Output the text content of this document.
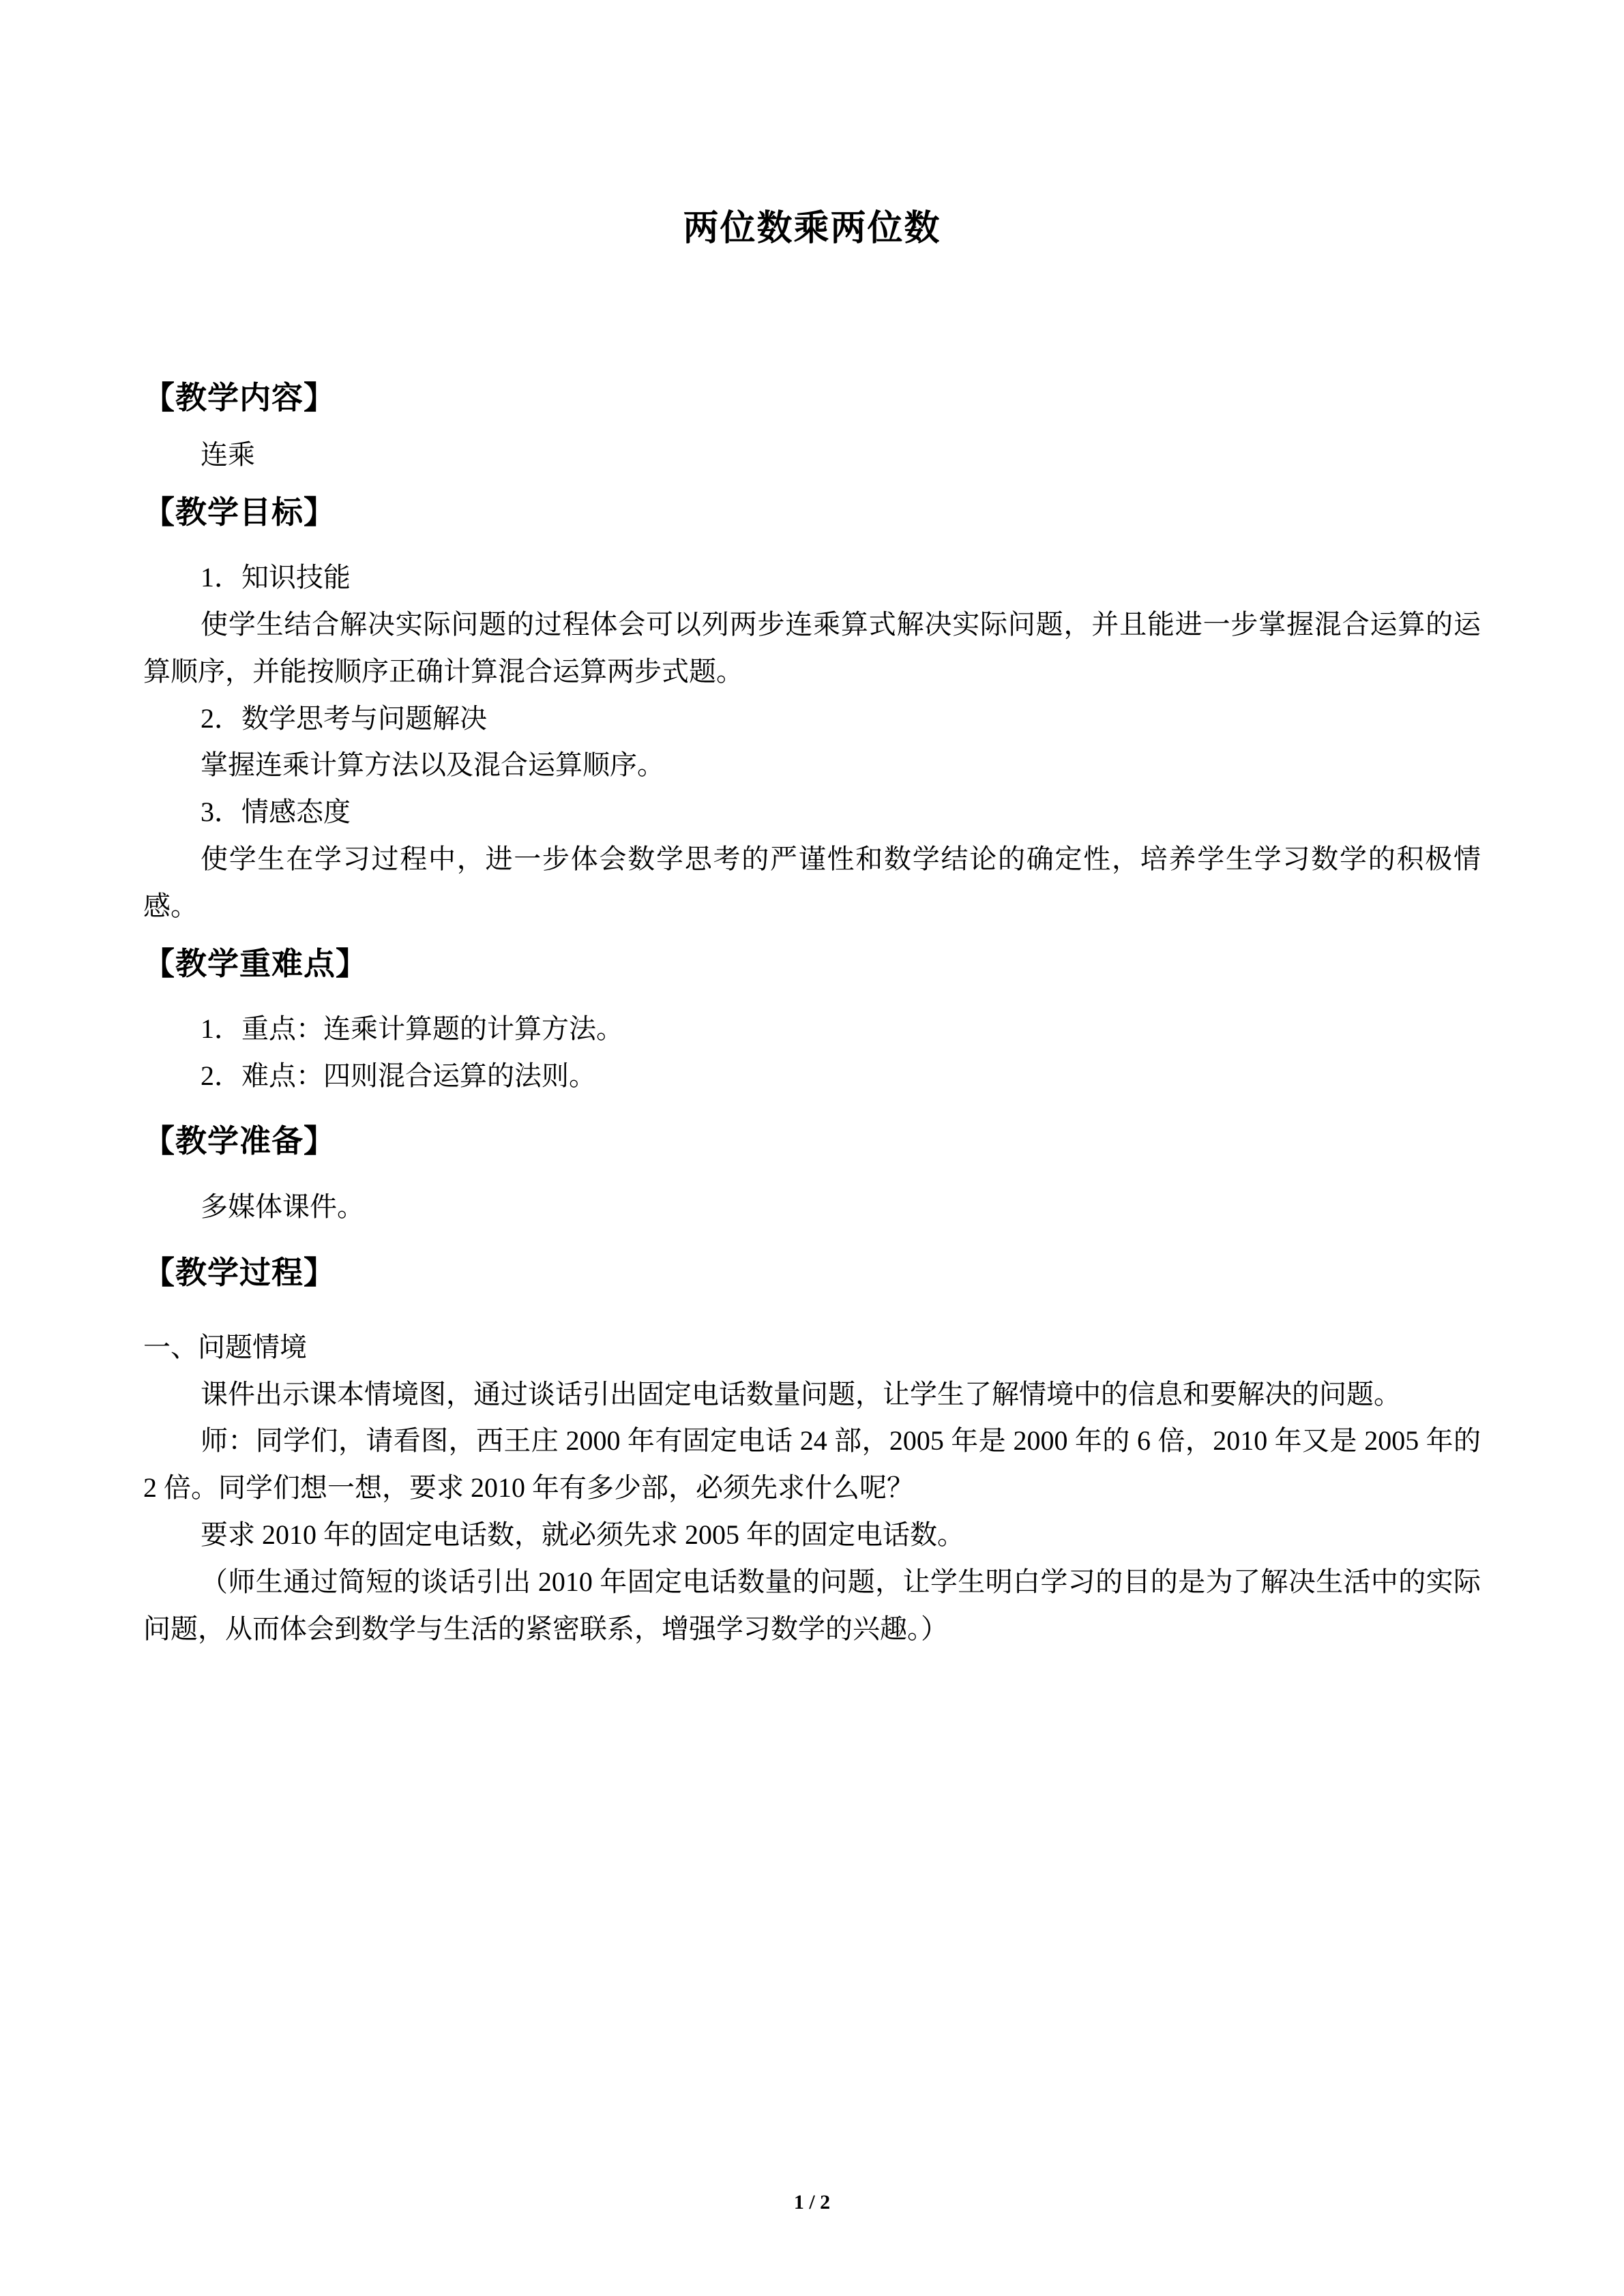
两位数乘两位数
【教学内容】

连乘

【教学目标】

1．知识技能

使学生结合解决实际问题的过程体会可以列两步连乘算式解决实际问题，并且能进一步掌握混合运算的运算顺序，并能按顺序正确计算混合运算两步式题。

2．数学思考与问题解决

掌握连乘计算方法以及混合运算顺序。

3．情感态度

使学生在学习过程中，进一步体会数学思考的严谨性和数学结论的确定性，培养学生学习数学的积极情感。

【教学重难点】

1．重点：连乘计算题的计算方法。

2．难点：四则混合运算的法则。

【教学准备】

多媒体课件。

【教学过程】

一、问题情境

课件出示课本情境图，通过谈话引出固定电话数量问题，让学生了解情境中的信息和要解决的问题。

师：同学们，请看图，西王庄 2000 年有固定电话 24 部，2005 年是 2000 年的 6 倍，2010 年又是 2005 年的 2 倍。同学们想一想，要求 2010 年有多少部，必须先求什么呢？

要求 2010 年的固定电话数，就必须先求 2005 年的固定电话数。

（师生通过简短的谈话引出 2010 年固定电话数量的问题，让学生明白学习的目的是为了解决生活中的实际问题，从而体会到数学与生活的紧密联系，增强学习数学的兴趣。）

1 / 2
